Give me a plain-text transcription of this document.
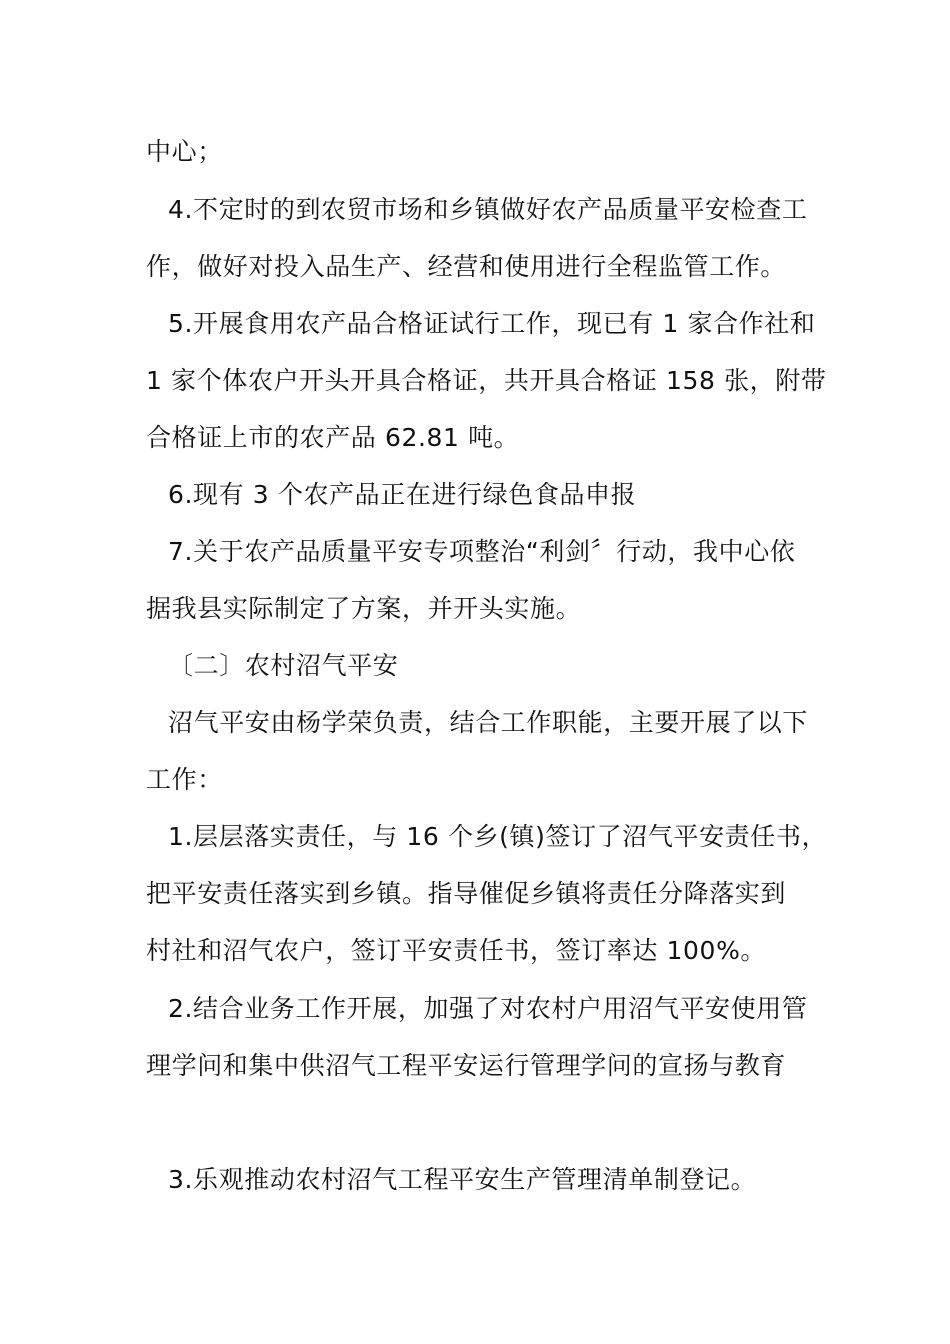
中心；
4.不定时的到农贸市场和乡镇做好农产品质量平安检查工
作，做好对投入品生产、经营和使用进行全程监管工作。
5.开展食用农产品合格证试行工作，现已有 1 家合作社和
1 家个体农户开头开具合格证，共开具合格证 158 张，附带
合格证上市的农产品 62.81 吨。
6.现有 3 个农产品正在进行绿色食品申报
7.关于农产品质量平安专项整治“利剑〞行动，我中心依
据我县实际制定了方案，并开头实施。
〔二〕农村沼气平安
沼气平安由杨学荣负责，结合工作职能，主要开展了以下
工作：
1.层层落实责任，与 16 个乡(镇)签订了沼气平安责任书，
把平安责任落实到乡镇。指导催促乡镇将责任分降落实到
村社和沼气农户，签订平安责任书，签订率达 100%。
2.结合业务工作开展，加强了对农村户用沼气平安使用管
理学问和集中供沼气工程平安运行管理学问的宣扬与教育
3.乐观推动农村沼气工程平安生产管理清单制登记。
